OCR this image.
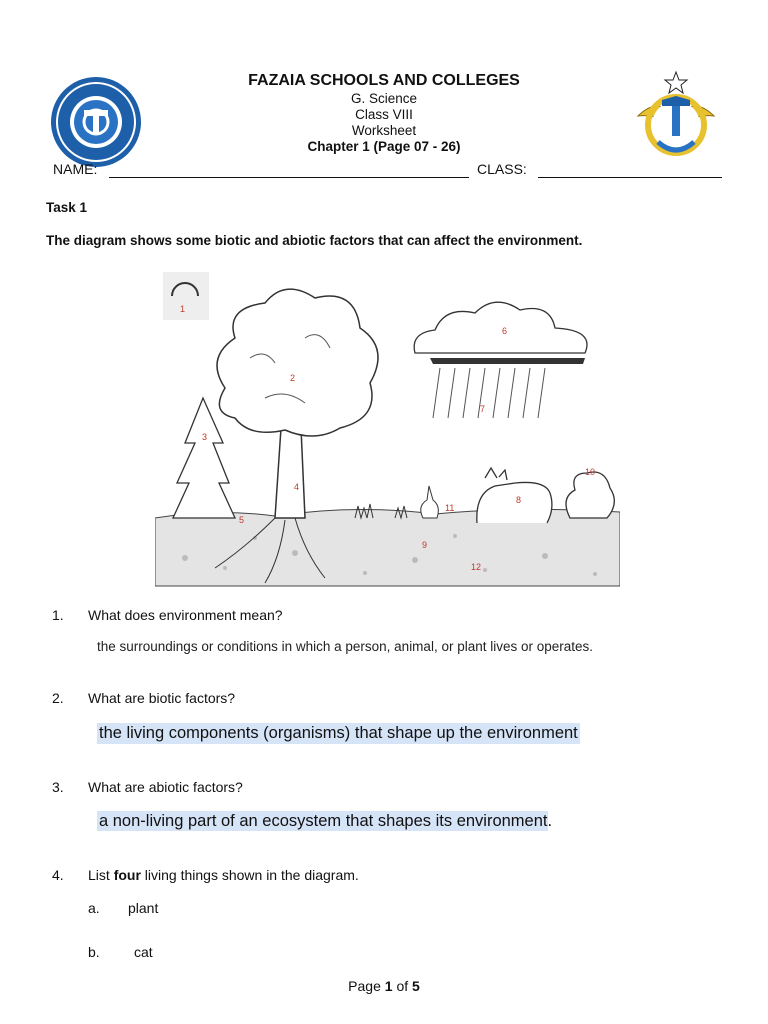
FAZAIA SCHOOLS AND COLLEGES
G. Science
Class VIII
Worksheet
Chapter 1 (Page 07 - 26)
NAME:	CLASS:
Task 1
The diagram shows some biotic and abiotic factors that can affect the environment.
1
2
3
4
5
6
7
8
9
10
11
12
1. What does environment mean?
the surroundings or conditions in which a person, animal, or plant lives or operates.
2. What are biotic factors?
the living components (organisms) that shape up the environment
3. What are abiotic factors?
a non-living part of an ecosystem that shapes its environment.
4. List four living things shown in the diagram.
a. plant
b. cat
Page 1 of 5
